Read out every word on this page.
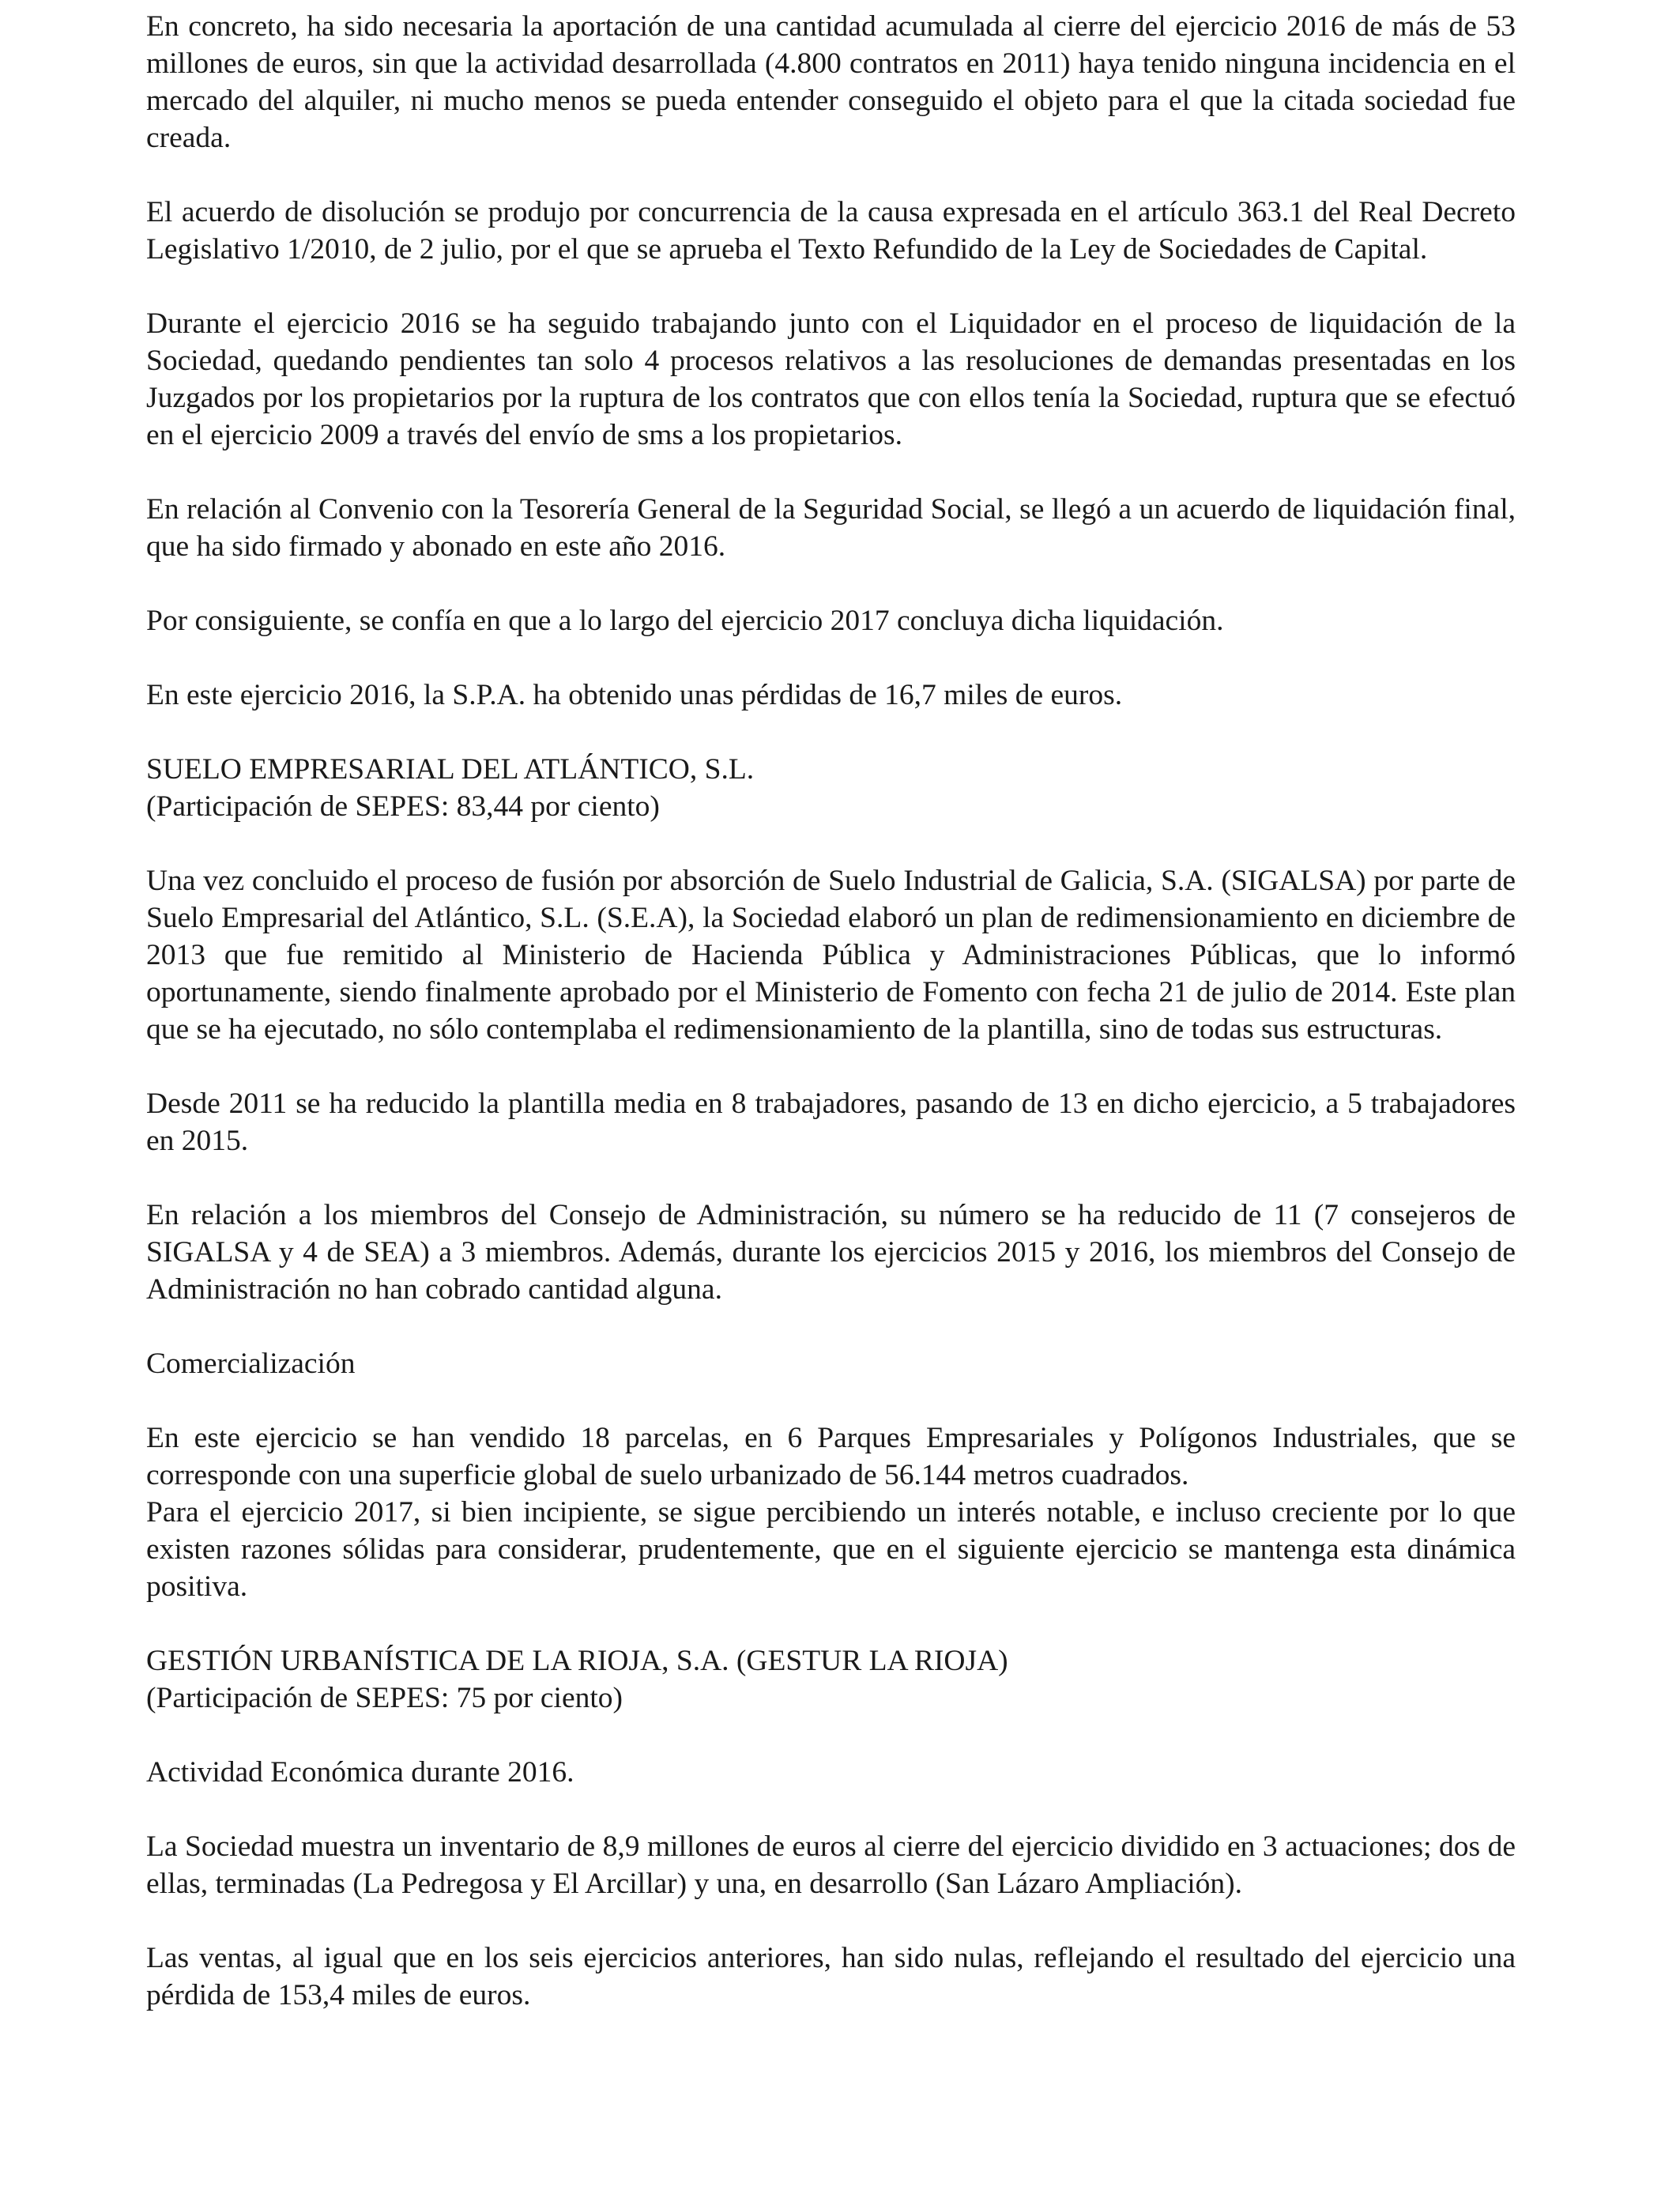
En concreto, ha sido necesaria la aportación de una cantidad acumulada al cierre del ejercicio 2016 de más de 53 millones de euros, sin que la actividad desarrollada (4.800 contratos en 2011) haya tenido ninguna incidencia en el mercado del alquiler, ni mucho menos se pueda entender conseguido el objeto para el que la citada sociedad fue creada.

El acuerdo de disolución se produjo por concurrencia de la causa expresada en el artículo 363.1 del Real Decreto Legislativo 1/2010, de 2 julio, por el que se aprueba el Texto Refundido de la Ley de Sociedades de Capital.

Durante el ejercicio 2016 se ha seguido trabajando junto con el Liquidador en el proceso de liquidación de la Sociedad, quedando pendientes tan solo 4 procesos relativos a las resoluciones de demandas presentadas en los Juzgados por los propietarios por la ruptura de los contratos que con ellos tenía la Sociedad, ruptura que se efectuó en el ejercicio 2009 a través del envío de sms a los propietarios.

En relación al Convenio con la Tesorería General de la Seguridad Social, se llegó a un acuerdo de liquidación final, que ha sido firmado y abonado en este año 2016.

Por consiguiente, se confía en que a lo largo del ejercicio 2017 concluya dicha liquidación.

En este ejercicio 2016, la S.P.A. ha obtenido unas pérdidas de 16,7 miles de euros.

SUELO EMPRESARIAL DEL ATLÁNTICO, S.L.
(Participación de SEPES: 83,44 por ciento)

Una vez concluido el proceso de fusión por absorción de Suelo Industrial de Galicia, S.A. (SIGALSA) por parte de Suelo Empresarial del Atlántico, S.L. (S.E.A), la Sociedad elaboró un plan de redimensionamiento en diciembre de 2013 que fue remitido al Ministerio de Hacienda Pública y Administraciones Públicas, que lo informó oportunamente, siendo finalmente aprobado por el Ministerio de Fomento con fecha 21 de julio de 2014. Este plan que se ha ejecutado, no sólo contemplaba el redimensionamiento de la plantilla, sino de todas sus estructuras.

Desde 2011 se ha reducido la plantilla media en 8 trabajadores, pasando de 13 en dicho ejercicio, a 5 trabajadores en 2015.

En relación a los miembros del Consejo de Administración, su número se ha reducido de 11 (7 consejeros de SIGALSA y 4 de SEA) a 3 miembros. Además, durante los ejercicios 2015 y 2016, los miembros del Consejo de Administración no han cobrado cantidad alguna.

Comercialización

En este ejercicio se han vendido 18 parcelas, en 6 Parques Empresariales y Polígonos Industriales, que se corresponde con una superficie global de suelo urbanizado de 56.144 metros cuadrados.

Para el ejercicio 2017, si bien incipiente, se sigue percibiendo un interés notable, e incluso creciente por lo que existen razones sólidas para considerar, prudentemente, que en el siguiente ejercicio se mantenga esta dinámica positiva.

GESTIÓN URBANÍSTICA DE LA RIOJA, S.A. (GESTUR LA RIOJA)
(Participación de SEPES: 75 por ciento)

Actividad Económica durante 2016.

La Sociedad muestra un inventario de 8,9 millones de euros al cierre del ejercicio dividido en 3 actuaciones; dos de ellas, terminadas (La Pedregosa y El Arcillar) y una, en desarrollo (San Lázaro Ampliación).

Las ventas, al igual que en los seis ejercicios anteriores, han sido nulas, reflejando el resultado del ejercicio una pérdida de 153,4 miles de euros.
